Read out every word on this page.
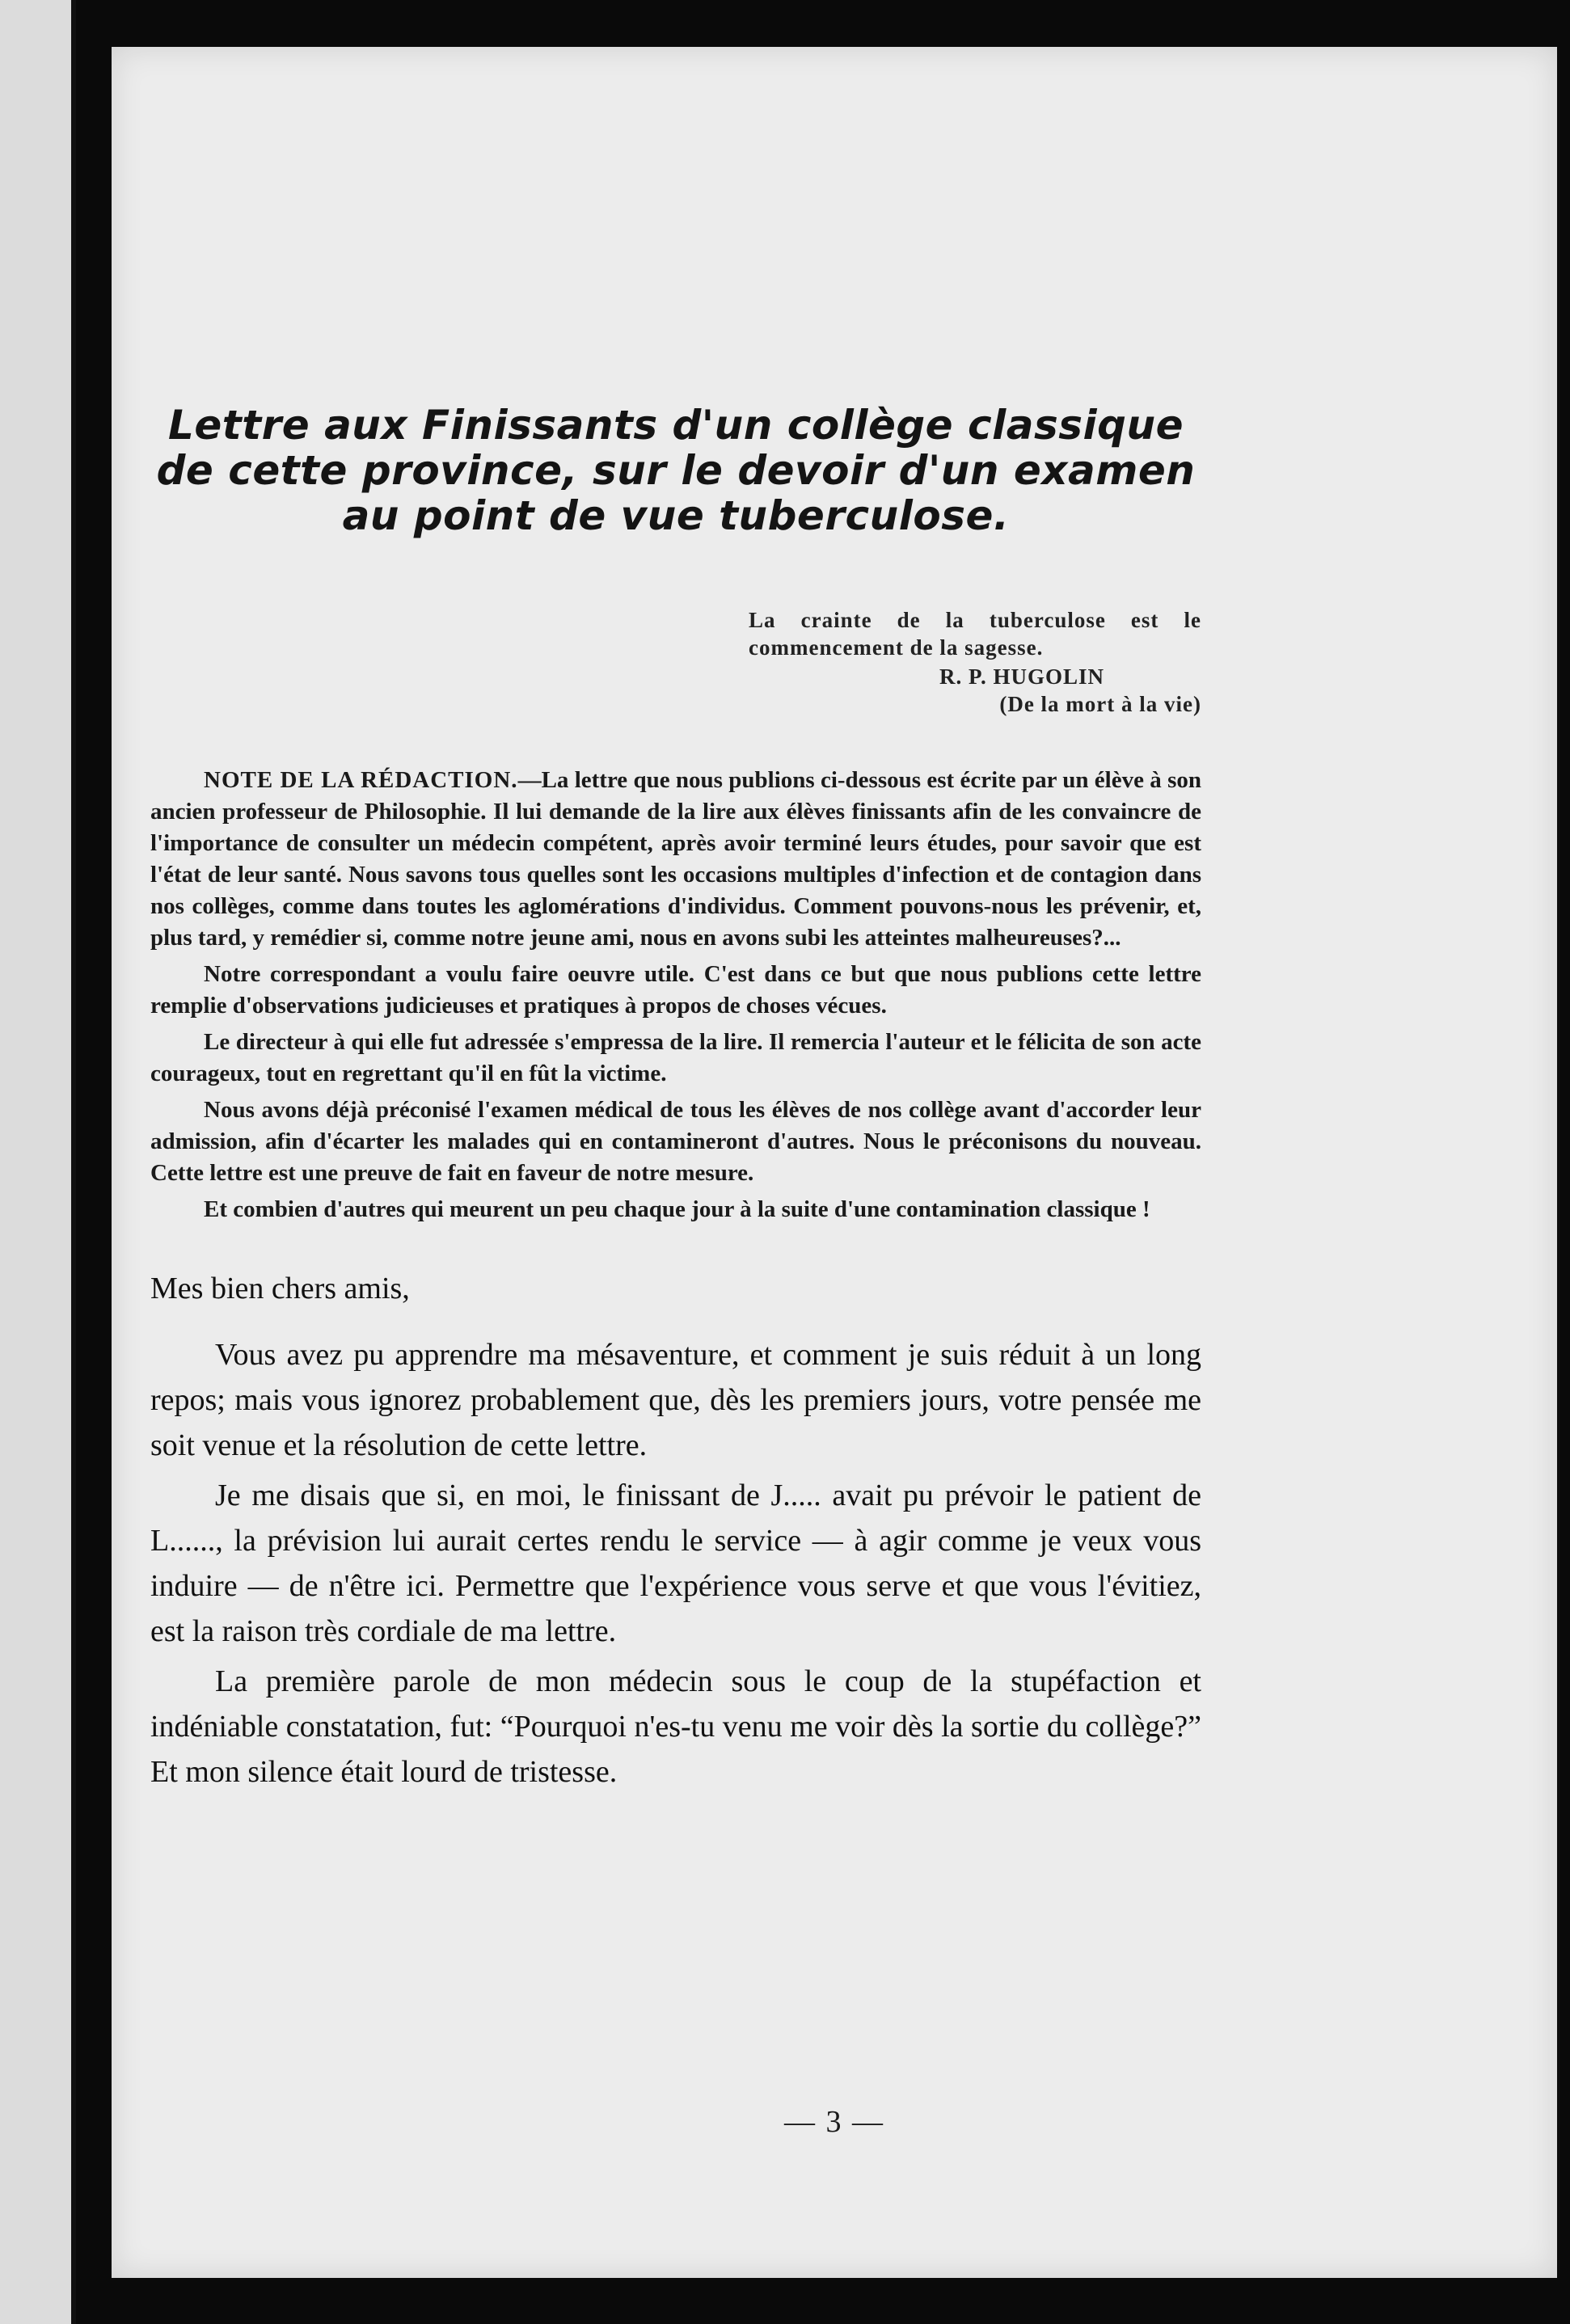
Lettre aux Finissants d'un collège classique de cette province, sur le devoir d'un examen au point de vue tuberculose.
La crainte de la tuberculose est le commencement de la sagesse.
R. P. HUGOLIN
(De la mort à la vie)

NOTE DE LA RÉDACTION.—La lettre que nous publions ci-dessous est écrite par un élève à son ancien professeur de Philosophie. Il lui demande de la lire aux élèves finissants afin de les convaincre de l'importance de consulter un médecin compétent, après avoir terminé leurs études, pour savoir que est l'état de leur santé. Nous savons tous quelles sont les occasions multiples d'infection et de contagion dans nos collèges, comme dans toutes les aglomérations d'individus. Comment pouvons-nous les prévenir, et, plus tard, y remédier si, comme notre jeune ami, nous en avons subi les atteintes malheureuses?...

Notre correspondant a voulu faire oeuvre utile. C'est dans ce but que nous publions cette lettre remplie d'observations judicieuses et pratiques à propos de choses vécues.

Le directeur à qui elle fut adressée s'empressa de la lire. Il remercia l'auteur et le félicita de son acte courageux, tout en regrettant qu'il en fût la victime.

Nous avons déjà préconisé l'examen médical de tous les élèves de nos collège avant d'accorder leur admission, afin d'écarter les malades qui en contamineront d'autres. Nous le préconisons du nouveau. Cette lettre est une preuve de fait en faveur de notre mesure.

Et combien d'autres qui meurent un peu chaque jour à la suite d'une contamination classique !

Mes bien chers amis,

Vous avez pu apprendre ma mésaventure, et comment je suis réduit à un long repos; mais vous ignorez probablement que, dès les premiers jours, votre pensée me soit venue et la résolution de cette lettre.

Je me disais que si, en moi, le finissant de J..... avait pu prévoir le patient de L......, la prévision lui aurait certes rendu le service — à agir comme je veux vous induire — de n'être ici. Permettre que l'expérience vous serve et que vous l'évitiez, est la raison très cordiale de ma lettre.

La première parole de mon médecin sous le coup de la stupéfaction et indéniable constatation, fut: “Pourquoi n'es-tu venu me voir dès la sortie du collège?” Et mon silence était lourd de tristesse.

— 3 —
